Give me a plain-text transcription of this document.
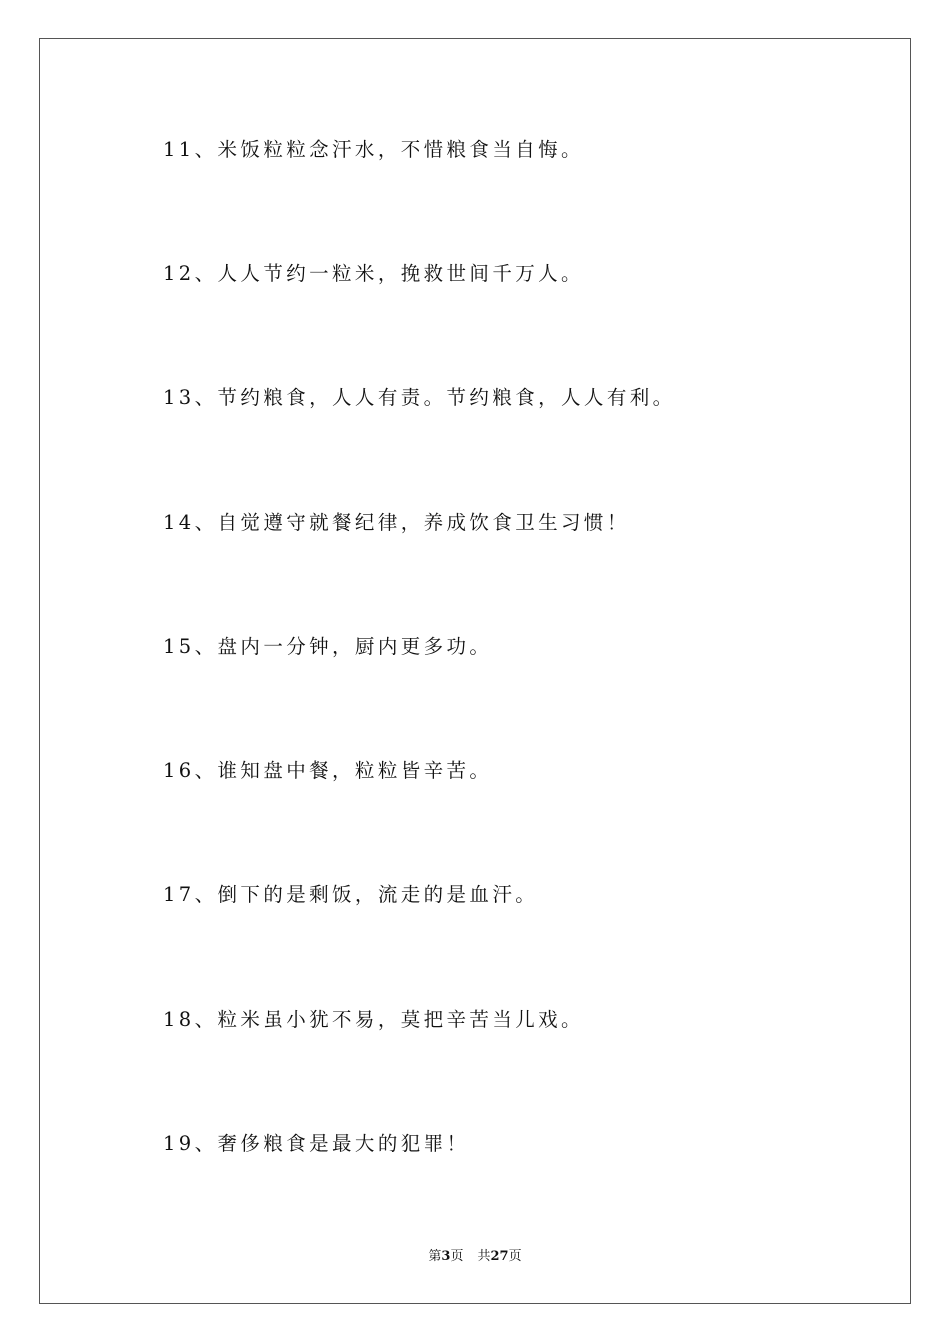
11、米饭粒粒念汗水，不惜粮食当自悔。
12、人人节约一粒米，挽救世间千万人。
13、节约粮食，人人有责。节约粮食，人人有利。
14、自觉遵守就餐纪律，养成饮食卫生习惯！
15、盘内一分钟，厨内更多功。
16、谁知盘中餐，粒粒皆辛苦。
17、倒下的是剩饭，流走的是血汗。
18、粒米虽小犹不易，莫把辛苦当儿戏。
19、奢侈粮食是最大的犯罪！
第3页 共27页
